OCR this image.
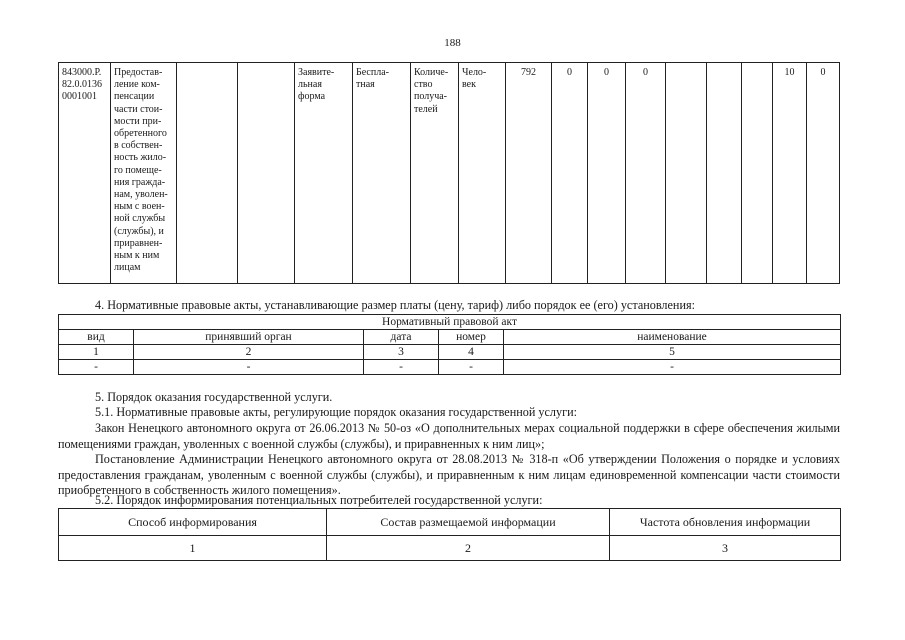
188
843000.Р.
82.0.0136
0001001	Предостав-
ление ком-
пенсации
части стои-
мости при-
обретенного
в собствен-
ность жило-
го помеще-
ния граждa-
нам, уволен-
ным с воен-
ной службы
(службы), и
приравнен-
ным к ним
лицам			Заявите-
льная
форма	Беспла-
тная	Количе-
ство
получа-
телей	Чело-
век	792	0	0	0				10	0
4. Нормативные правовые акты, устанавливающие размер платы (цену, тариф) либо порядок ее (его) установления:
Нормативный правовой акт				
вид	принявший орган	дата	номер	наименование
1	2	3	4	5
-	-	-	-	-
5. Порядок оказания государственной услуги.
5.1. Нормативные правовые акты, регулирующие порядок оказания государственной услуги:
Закон Ненецкого автономного округа от 26.06.2013 № 50-оз «О дополнительных мерах социальной поддержки в сфере обеспечения жилыми помещениями граждан, уволенных с военной службы (службы), и приравненных к ним лиц»;
Постановление Администрации Ненецкого автономного округа от 28.08.2013 № 318-п «Об утверждении Положения о порядке и условиях предоставления гражданам, уволенным с военной службы (службы), и приравненным к ним лицам единовременной компенсации части стоимости приобретенного в собственность жилого помещения».
5.2. Порядок информирования потенциальных потребителей государственной услуги:
Способ информирования	Состав размещаемой информации	Частота обновления информации
1	2	3
